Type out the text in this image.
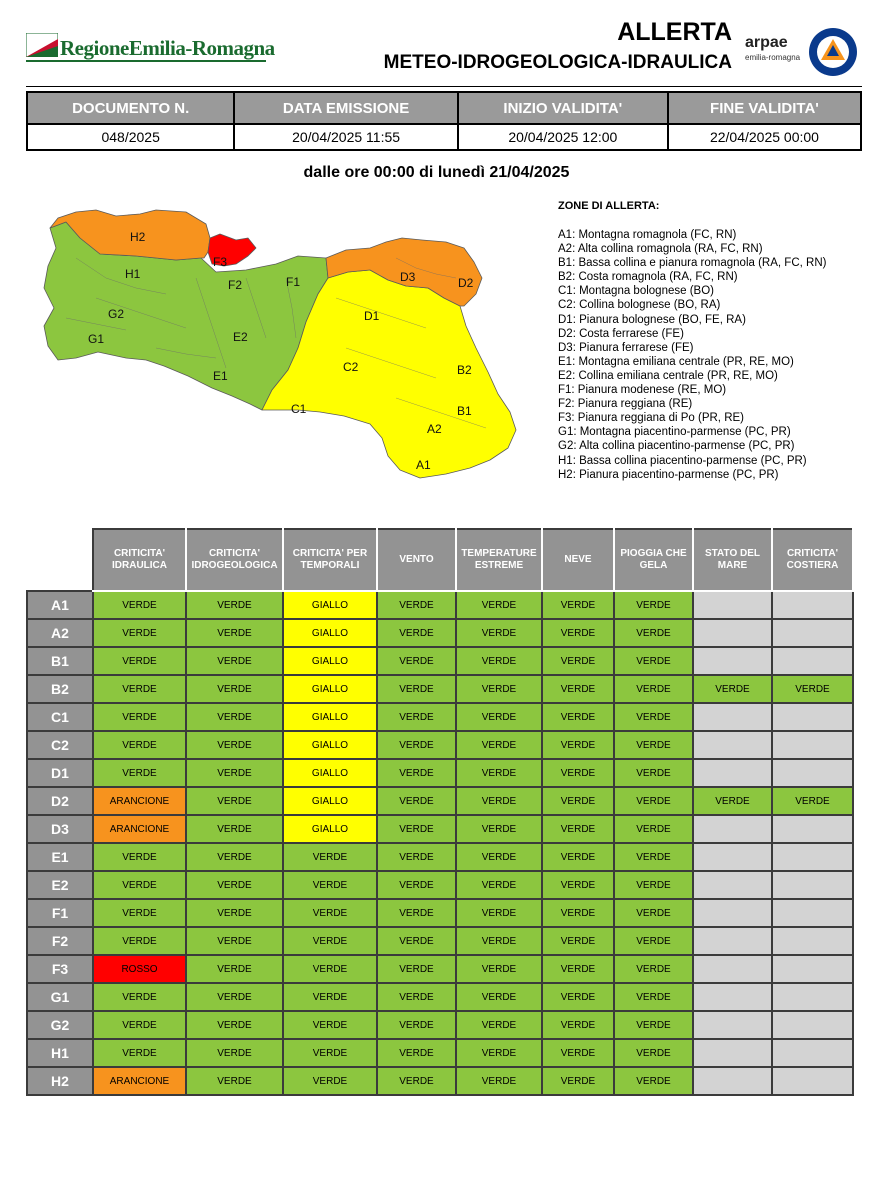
RegioneEmilia-Romagna
ALLERTA
METEO-IDROGEOLOGICA-IDRAULICA
arpae
emilia-romagna
DOCUMENTO N.	DATA EMISSIONE	INIZIO VALIDITA'	FINE VALIDITA'
048/2025	20/04/2025 11:55	20/04/2025 12:00	22/04/2025 00:00
dalle ore 00:00 di lunedì 21/04/2025
H2
F3
H1
F2	F1	D3	D2
G2
G1
D1
E2
E1
C2	B2
C1	B1
A2
A1
ZONE DI ALLERTA:
A1: Montagna romagnola (FC, RN)
A2: Alta collina romagnola (RA, FC, RN)
B1: Bassa collina e pianura romagnola (RA, FC, RN)
B2: Costa romagnola (RA, FC, RN)
C1: Montagna bolognese (BO)
C2: Collina bolognese (BO, RA)
D1: Pianura bolognese (BO, FE, RA)
D2: Costa ferrarese (FE)
D3: Pianura ferrarese (FE)
E1: Montagna emiliana centrale (PR, RE, MO)
E2: Collina emiliana centrale (PR, RE, MO)
F1: Pianura modenese (RE, MO)
F2: Pianura reggiana (RE)
F3: Pianura reggiana di Po (PR, RE)
G1: Montagna piacentino-parmense (PC, PR)
G2: Alta collina piacentino-parmense (PC, PR)
H1: Bassa collina piacentino-parmense (PC, PR)
H2: Pianura piacentino-parmense (PC, PR)
	CRITICITA' IDRAULICA	CRITICITA' IDROGEOLOGICA	CRITICITA' PER TEMPORALI	VENTO	TEMPERATURE ESTREME	NEVE	PIOGGIA CHE GELA	STATO DEL MARE	CRITICITA' COSTIERA
A1	VERDE	VERDE	GIALLO	VERDE	VERDE	VERDE	VERDE		
A2	VERDE	VERDE	GIALLO	VERDE	VERDE	VERDE	VERDE		
B1	VERDE	VERDE	GIALLO	VERDE	VERDE	VERDE	VERDE		
B2	VERDE	VERDE	GIALLO	VERDE	VERDE	VERDE	VERDE	VERDE	VERDE
C1	VERDE	VERDE	GIALLO	VERDE	VERDE	VERDE	VERDE		
C2	VERDE	VERDE	GIALLO	VERDE	VERDE	VERDE	VERDE		
D1	VERDE	VERDE	GIALLO	VERDE	VERDE	VERDE	VERDE		
D2	ARANCIONE	VERDE	GIALLO	VERDE	VERDE	VERDE	VERDE	VERDE	VERDE
D3	ARANCIONE	VERDE	GIALLO	VERDE	VERDE	VERDE	VERDE		
E1	VERDE	VERDE	VERDE	VERDE	VERDE	VERDE	VERDE		
E2	VERDE	VERDE	VERDE	VERDE	VERDE	VERDE	VERDE		
F1	VERDE	VERDE	VERDE	VERDE	VERDE	VERDE	VERDE		
F2	VERDE	VERDE	VERDE	VERDE	VERDE	VERDE	VERDE		
F3	ROSSO	VERDE	VERDE	VERDE	VERDE	VERDE	VERDE		
G1	VERDE	VERDE	VERDE	VERDE	VERDE	VERDE	VERDE		
G2	VERDE	VERDE	VERDE	VERDE	VERDE	VERDE	VERDE		
H1	VERDE	VERDE	VERDE	VERDE	VERDE	VERDE	VERDE		
H2	ARANCIONE	VERDE	VERDE	VERDE	VERDE	VERDE	VERDE		
